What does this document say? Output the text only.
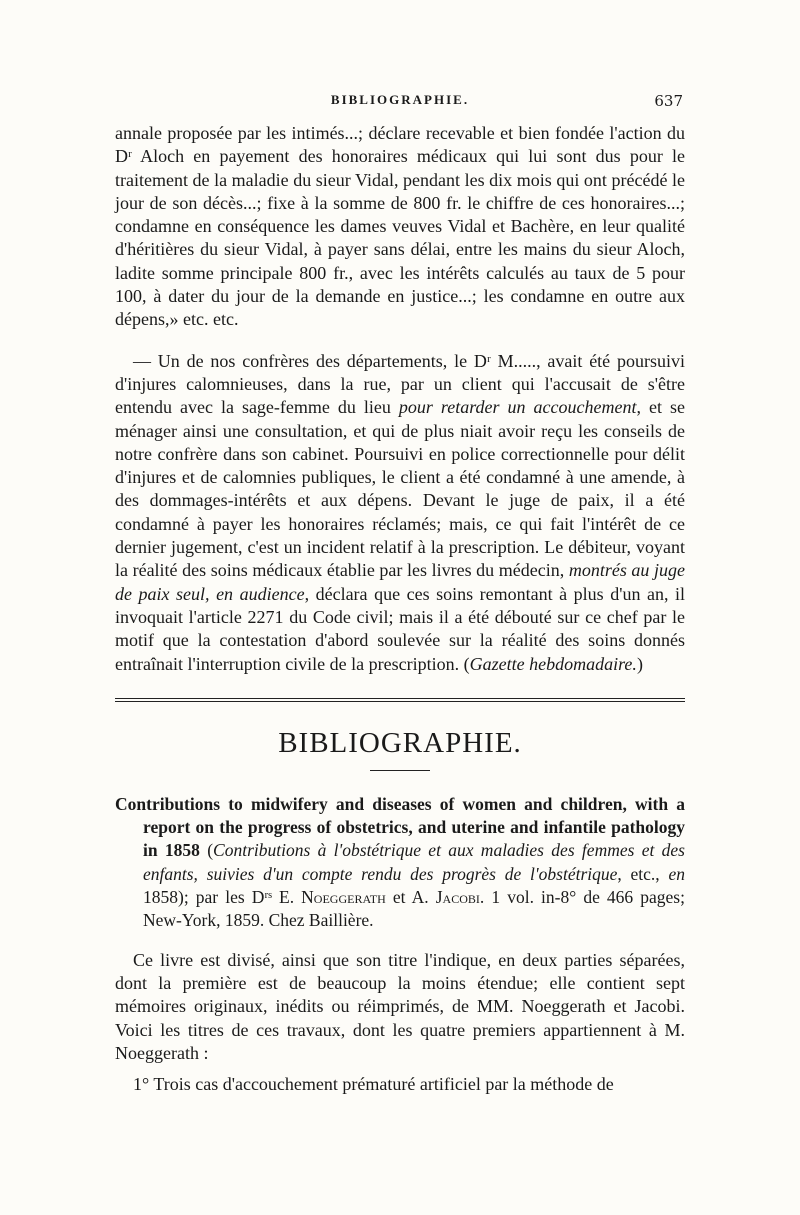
BIBLIOGRAPHIE.	637

annale proposée par les intimés...; déclare recevable et bien fondée l'action du Dʳ Aloch en payement des honoraires médicaux qui lui sont dus pour le traitement de la maladie du sieur Vidal, pendant les dix mois qui ont précédé le jour de son décès...; fixe à la somme de 800 fr. le chiffre de ces honoraires...; condamne en conséquence les dames veuves Vidal et Bachère, en leur qualité d'héritières du sieur Vidal, à payer sans délai, entre les mains du sieur Aloch, ladite somme principale 800 fr., avec les intérêts calculés au taux de 5 pour 100, à dater du jour de la demande en justice...; les condamne en outre aux dépens,» etc. etc.

— Un de nos confrères des départements, le Dʳ M....., avait été poursuivi d'injures calomnieuses, dans la rue, par un client qui l'accusait de s'être entendu avec la sage-femme du lieu pour retarder un accouchement, et se ménager ainsi une consultation, et qui de plus niait avoir reçu les conseils de notre confrère dans son cabinet. Poursuivi en police correctionnelle pour délit d'injures et de calomnies publiques, le client a été condamné à une amende, à des dommages-intérêts et aux dépens. Devant le juge de paix, il a été condamné à payer les honoraires réclamés; mais, ce qui fait l'intérêt de ce dernier jugement, c'est un incident relatif à la prescription. Le débiteur, voyant la réalité des soins médicaux établie par les livres du médecin, montrés au juge de paix seul, en audience, déclara que ces soins remontant à plus d'un an, il invoquait l'article 2271 du Code civil; mais il a été débouté sur ce chef par le motif que la contestation d'abord soulevée sur la réalité des soins donnés entraînait l'interruption civile de la prescription. (Gazette hebdomadaire.)

BIBLIOGRAPHIE.

Contributions to midwifery and diseases of women and children, with a report on the progress of obstetrics, and uterine and infantile pathology in 1858 (Contributions à l'obstétrique et aux maladies des femmes et des enfants, suivies d'un compte rendu des progrès de l'obstétrique, etc., en 1858); par les Dʳˢ E. Noeggerath et A. Jacobi. 1 vol. in-8° de 466 pages; New-York, 1859. Chez Baillière.

Ce livre est divisé, ainsi que son titre l'indique, en deux parties séparées, dont la première est de beaucoup la moins étendue; elle contient sept mémoires originaux, inédits ou réimprimés, de MM. Noeggerath et Jacobi. Voici les titres de ces travaux, dont les quatre premiers appartiennent à M. Noeggerath :

1° Trois cas d'accouchement prématuré artificiel par la méthode de
